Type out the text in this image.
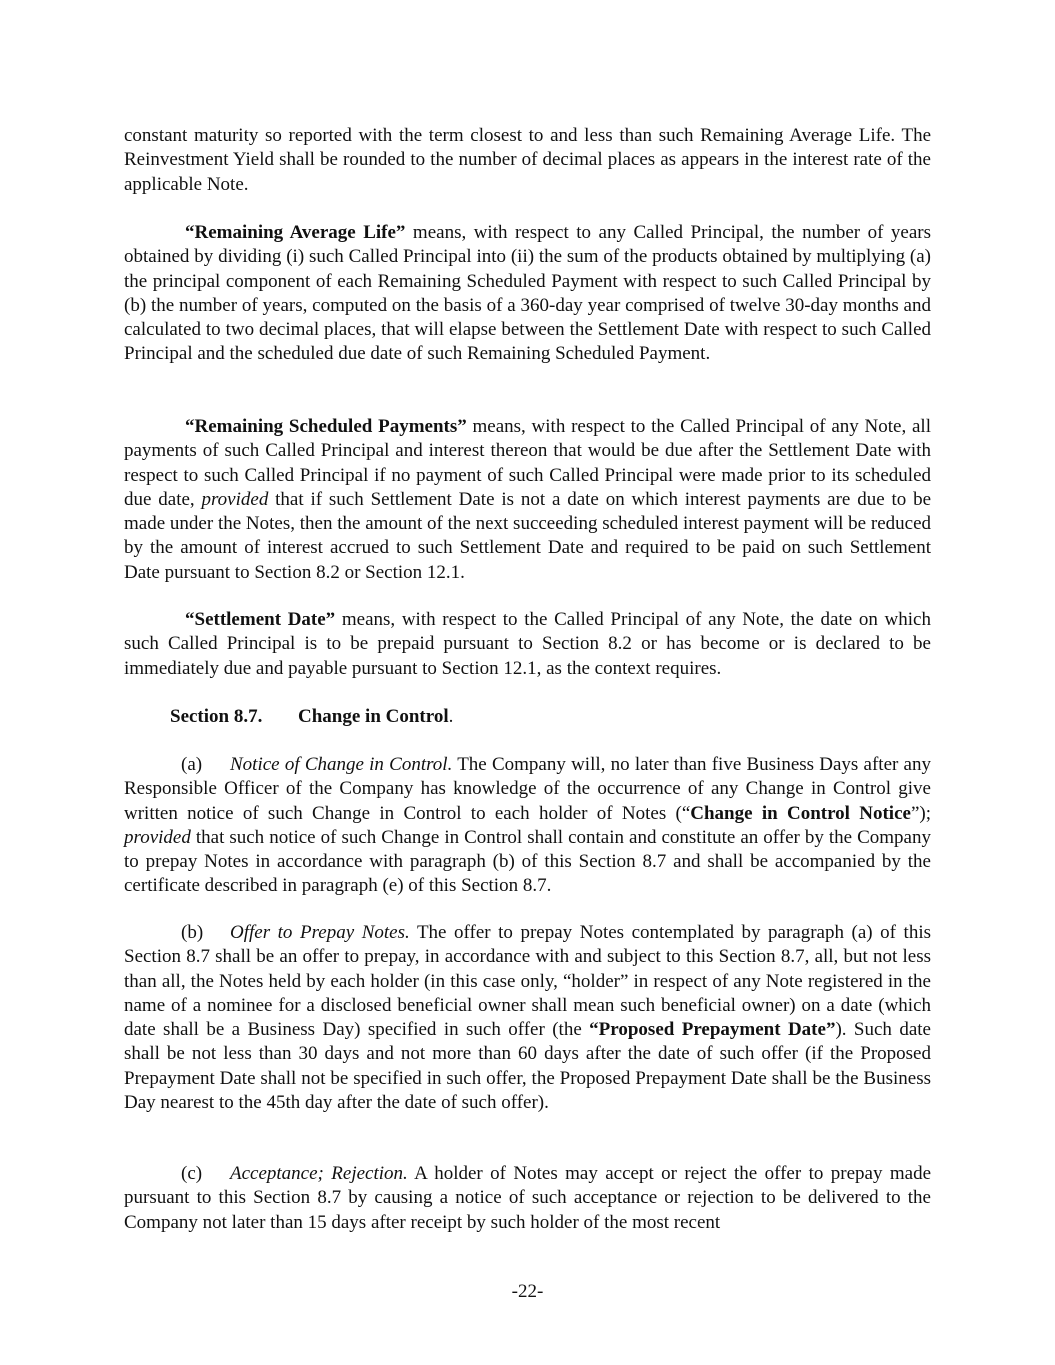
constant maturity so reported with the term closest to and less than such Remaining Average Life. The Reinvestment Yield shall be rounded to the number of decimal places as appears in the interest rate of the applicable Note.

“Remaining Average Life” means, with respect to any Called Principal, the number of years obtained by dividing (i) such Called Principal into (ii) the sum of the products obtained by multiplying (a) the principal component of each Remaining Scheduled Payment with respect to such Called Principal by (b) the number of years, computed on the basis of a 360-day year comprised of twelve 30-day months and calculated to two decimal places, that will elapse between the Settlement Date with respect to such Called Principal and the scheduled due date of such Remaining Scheduled Payment.

“Remaining Scheduled Payments” means, with respect to the Called Principal of any Note, all payments of such Called Principal and interest thereon that would be due after the Settlement Date with respect to such Called Principal if no payment of such Called Principal were made prior to its scheduled due date, provided that if such Settlement Date is not a date on which interest payments are due to be made under the Notes, then the amount of the next succeeding scheduled interest payment will be reduced by the amount of interest accrued to such Settlement Date and required to be paid on such Settlement Date pursuant to Section 8.2 or Section 12.1.

“Settlement Date” means, with respect to the Called Principal of any Note, the date on which such Called Principal is to be prepaid pursuant to Section 8.2 or has become or is declared to be immediately due and payable pursuant to Section 12.1, as the context requires.

Section 8.7. Change in Control.

(a) Notice of Change in Control. The Company will, no later than five Business Days after any Responsible Officer of the Company has knowledge of the occurrence of any Change in Control give written notice of such Change in Control to each holder of Notes (“Change in Control Notice”); provided that such notice of such Change in Control shall contain and constitute an offer by the Company to prepay Notes in accordance with paragraph (b) of this Section 8.7 and shall be accompanied by the certificate described in paragraph (e) of this Section 8.7.

(b) Offer to Prepay Notes. The offer to prepay Notes contemplated by paragraph (a) of this Section 8.7 shall be an offer to prepay, in accordance with and subject to this Section 8.7, all, but not less than all, the Notes held by each holder (in this case only, “holder” in respect of any Note registered in the name of a nominee for a disclosed beneficial owner shall mean such beneficial owner) on a date (which date shall be a Business Day) specified in such offer (the “Proposed Prepayment Date”). Such date shall be not less than 30 days and not more than 60 days after the date of such offer (if the Proposed Prepayment Date shall not be specified in such offer, the Proposed Prepayment Date shall be the Business Day nearest to the 45th day after the date of such offer).

(c) Acceptance; Rejection. A holder of Notes may accept or reject the offer to prepay made pursuant to this Section 8.7 by causing a notice of such acceptance or rejection to be delivered to the Company not later than 15 days after receipt by such holder of the most recent

-22-
